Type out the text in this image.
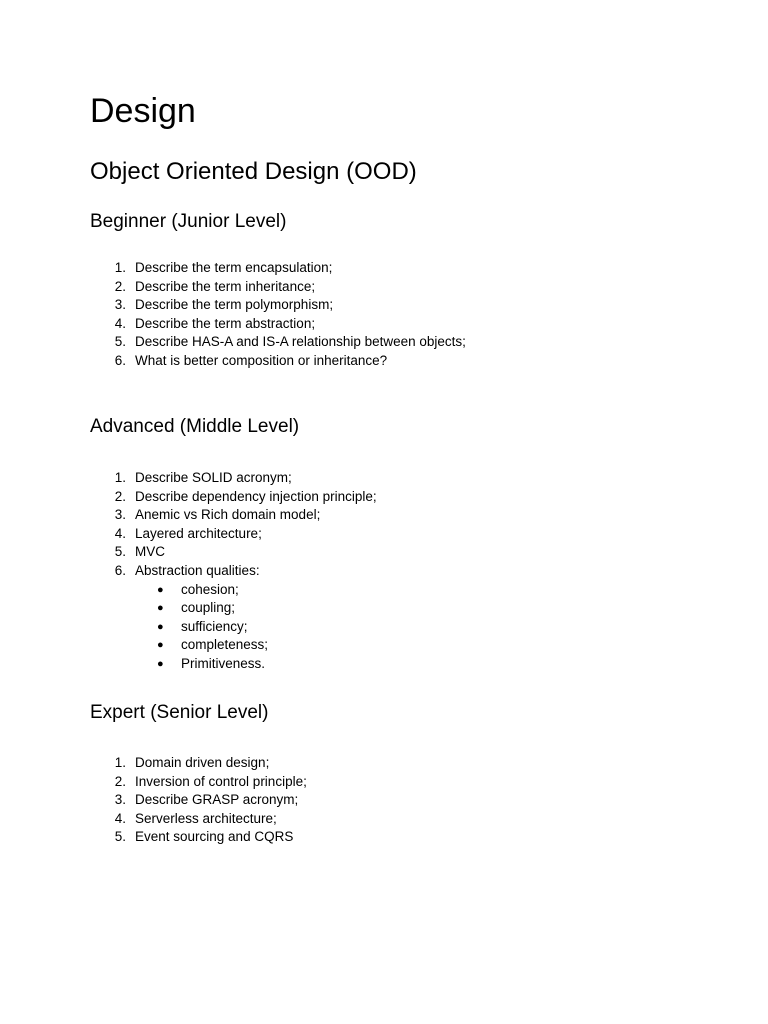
Design
Object Oriented Design (OOD)
Beginner (Junior Level)
1. Describe the term encapsulation;
2. Describe the term inheritance;
3. Describe the term polymorphism;
4. Describe the term abstraction;
5. Describe HAS-A and IS-A relationship between objects;
6. What is better composition or inheritance?
Advanced (Middle Level)
1. Describe SOLID acronym;
2. Describe dependency injection principle;
3. Anemic vs Rich domain model;
4. Layered architecture;
5. MVC
6. Abstraction qualities:
● cohesion;
● coupling;
● sufficiency;
● completeness;
● Primitiveness.
Expert (Senior Level)
1. Domain driven design;
2. Inversion of control principle;
3. Describe GRASP acronym;
4. Serverless architecture;
5. Event sourcing and CQRS
